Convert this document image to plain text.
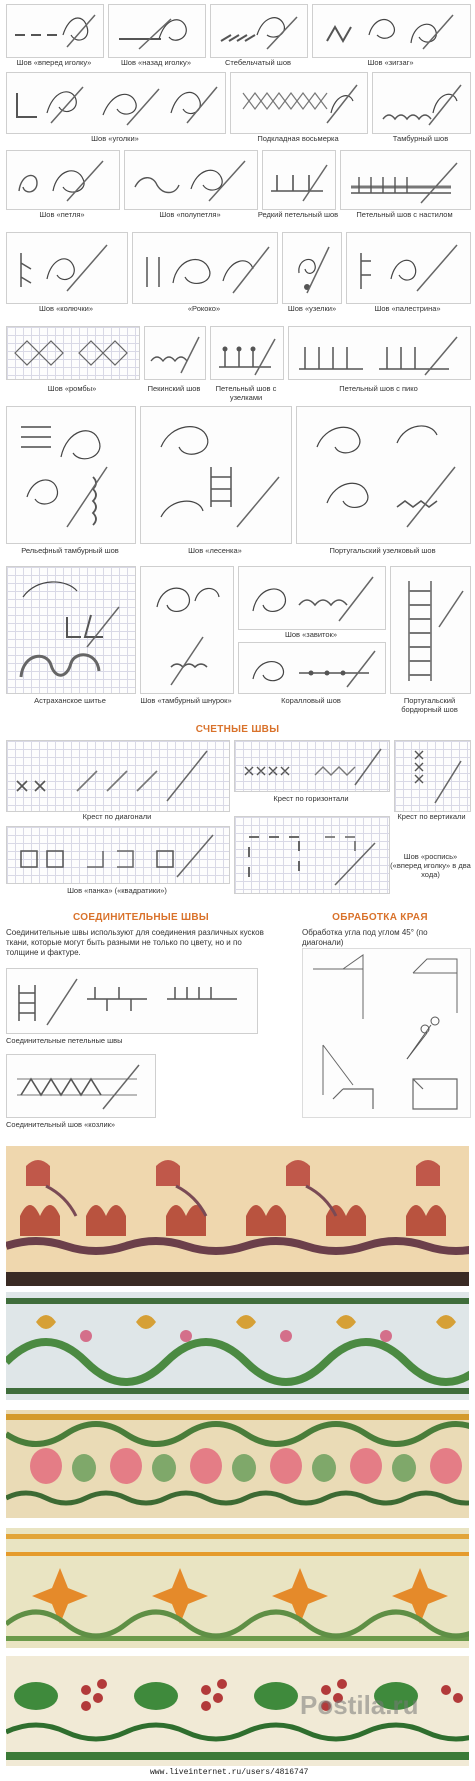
Шов «вперед иголку»	Шов «назад иголку»	Стебельчатый шов	Шов «зигзаг»
Шов «уголки»	Подкладная восьмерка	Тамбурный шов
Шов «петля»	Шов «полупетля»	Редкий петельный шов	Петельный шов с настилом
Шов «колючки»	«Рококо»	Шов «узелки»	Шов «палестрина»
Шов «ромбы»	Пекинский шов	Петельный шов с узелками
Петельный шов с пико
Рельефный тамбурный шов	Шов «лесенка»	Португальский узелковый шов
Астраханское шитье	Шов «тамбурный шнурок»
Шов «завиток»
Коралловый шов	Португальский бордюрный шов
СЧЕТНЫЕ ШВЫ
Крест по диагонали
Крест по горизонтали
Крест по вертикали
Шов «панка» («квадратики»)
Шов «роспись» («вперед иголку» в два хода)
СОЕДИНИТЕЛЬНЫЕ ШВЫ
Соединительные швы используют для соединения различных кусков ткани, которые могут быть разными не только по цвету, но и по толщине и фактуре.
Соединительные петельные швы
Соединительный шов «козлик»
ОБРАБОТКА КРАЯ
Обработка угла под углом 45° (по диагонали)
Postila.ru
www.liveinternet.ru/users/4816747
